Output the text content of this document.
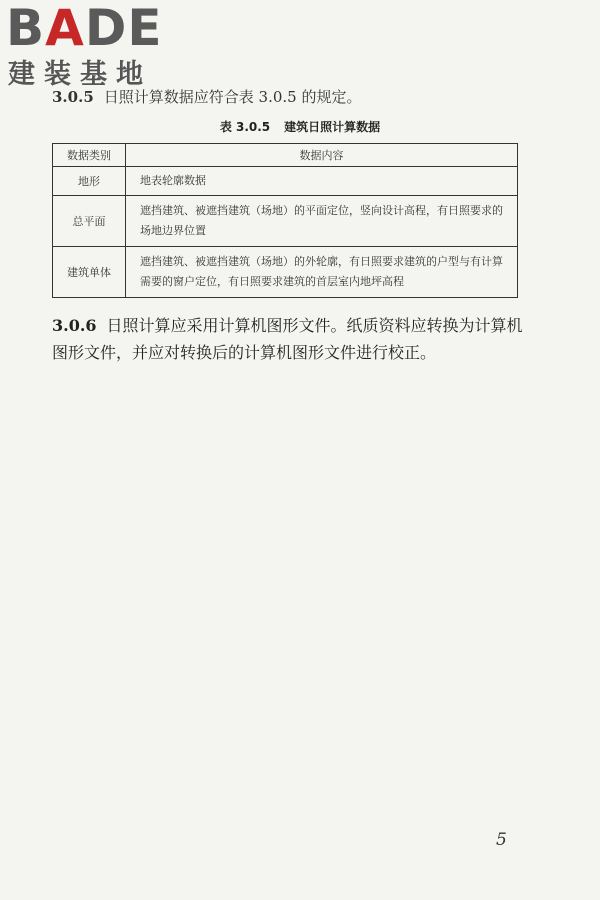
BADE
建装基地
3.0.5 日照计算数据应符合表 3.0.5 的规定。
表 3.0.5 建筑日照计算数据
数据类别	数据内容
地形	地表轮廓数据
总平面	遮挡建筑、被遮挡建筑（场地）的平面定位，竖向设计高程，有日照要求的场地边界位置
建筑单体	遮挡建筑、被遮挡建筑（场地）的外轮廓，有日照要求建筑的户型与有计算需要的窗户定位，有日照要求建筑的首层室内地坪高程
3.0.6 日照计算应采用计算机图形文件。纸质资料应转换为计算机图形文件，并应对转换后的计算机图形文件进行校正。
5
